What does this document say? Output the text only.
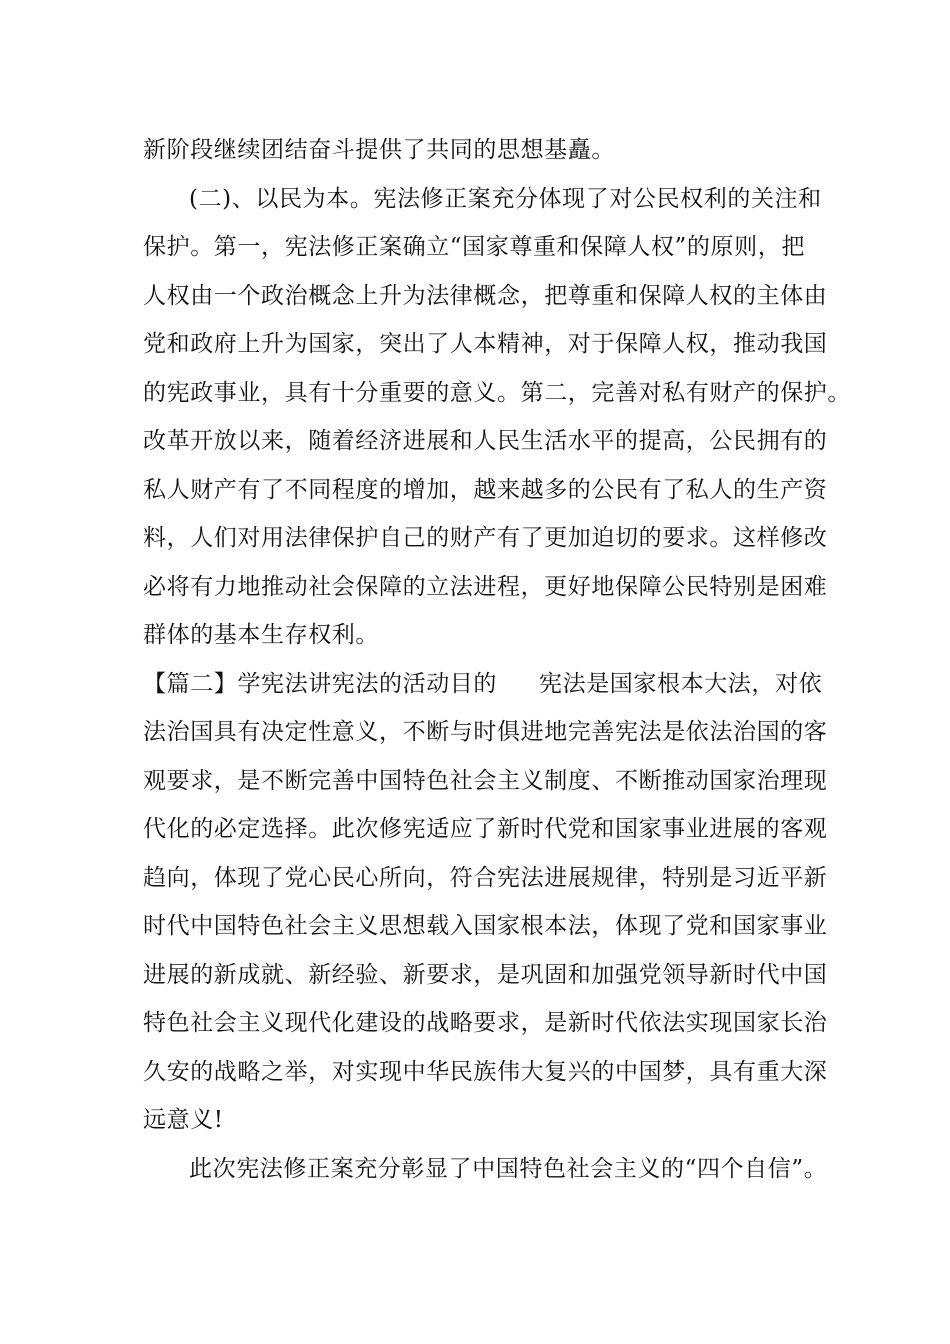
新阶段继续团结奋斗提供了共同的思想基矗。
(二)、以民为本。宪法修正案充分体现了对公民权利的关注和
保护。第一，宪法修正案确立“国家尊重和保障人权”的原则，把
人权由一个政治概念上升为法律概念，把尊重和保障人权的主体由
党和政府上升为国家，突出了人本精神，对于保障人权，推动我国
的宪政事业，具有十分重要的意义。第二，完善对私有财产的保护。
改革开放以来，随着经济进展和人民生活水平的提高，公民拥有的
私人财产有了不同程度的增加，越来越多的公民有了私人的生产资
料，人们对用法律保护自己的财产有了更加迫切的要求。这样修改
必将有力地推动社会保障的立法进程，更好地保障公民特别是困难
群体的基本生存权利。
【篇二】学宪法讲宪法的活动目的 宪法是国家根本大法，对依
法治国具有决定性意义，不断与时俱进地完善宪法是依法治国的客
观要求，是不断完善中国特色社会主义制度、不断推动国家治理现
代化的必定选择。此次修宪适应了新时代党和国家事业进展的客观
趋向，体现了党心民心所向，符合宪法进展规律，特别是习近平新
时代中国特色社会主义思想载入国家根本法，体现了党和国家事业
进展的新成就、新经验、新要求，是巩固和加强党领导新时代中国
特色社会主义现代化建设的战略要求，是新时代依法实现国家长治
久安的战略之举，对实现中华民族伟大复兴的中国梦，具有重大深
远意义!
此次宪法修正案充分彰显了中国特色社会主义的“四个自信”。
